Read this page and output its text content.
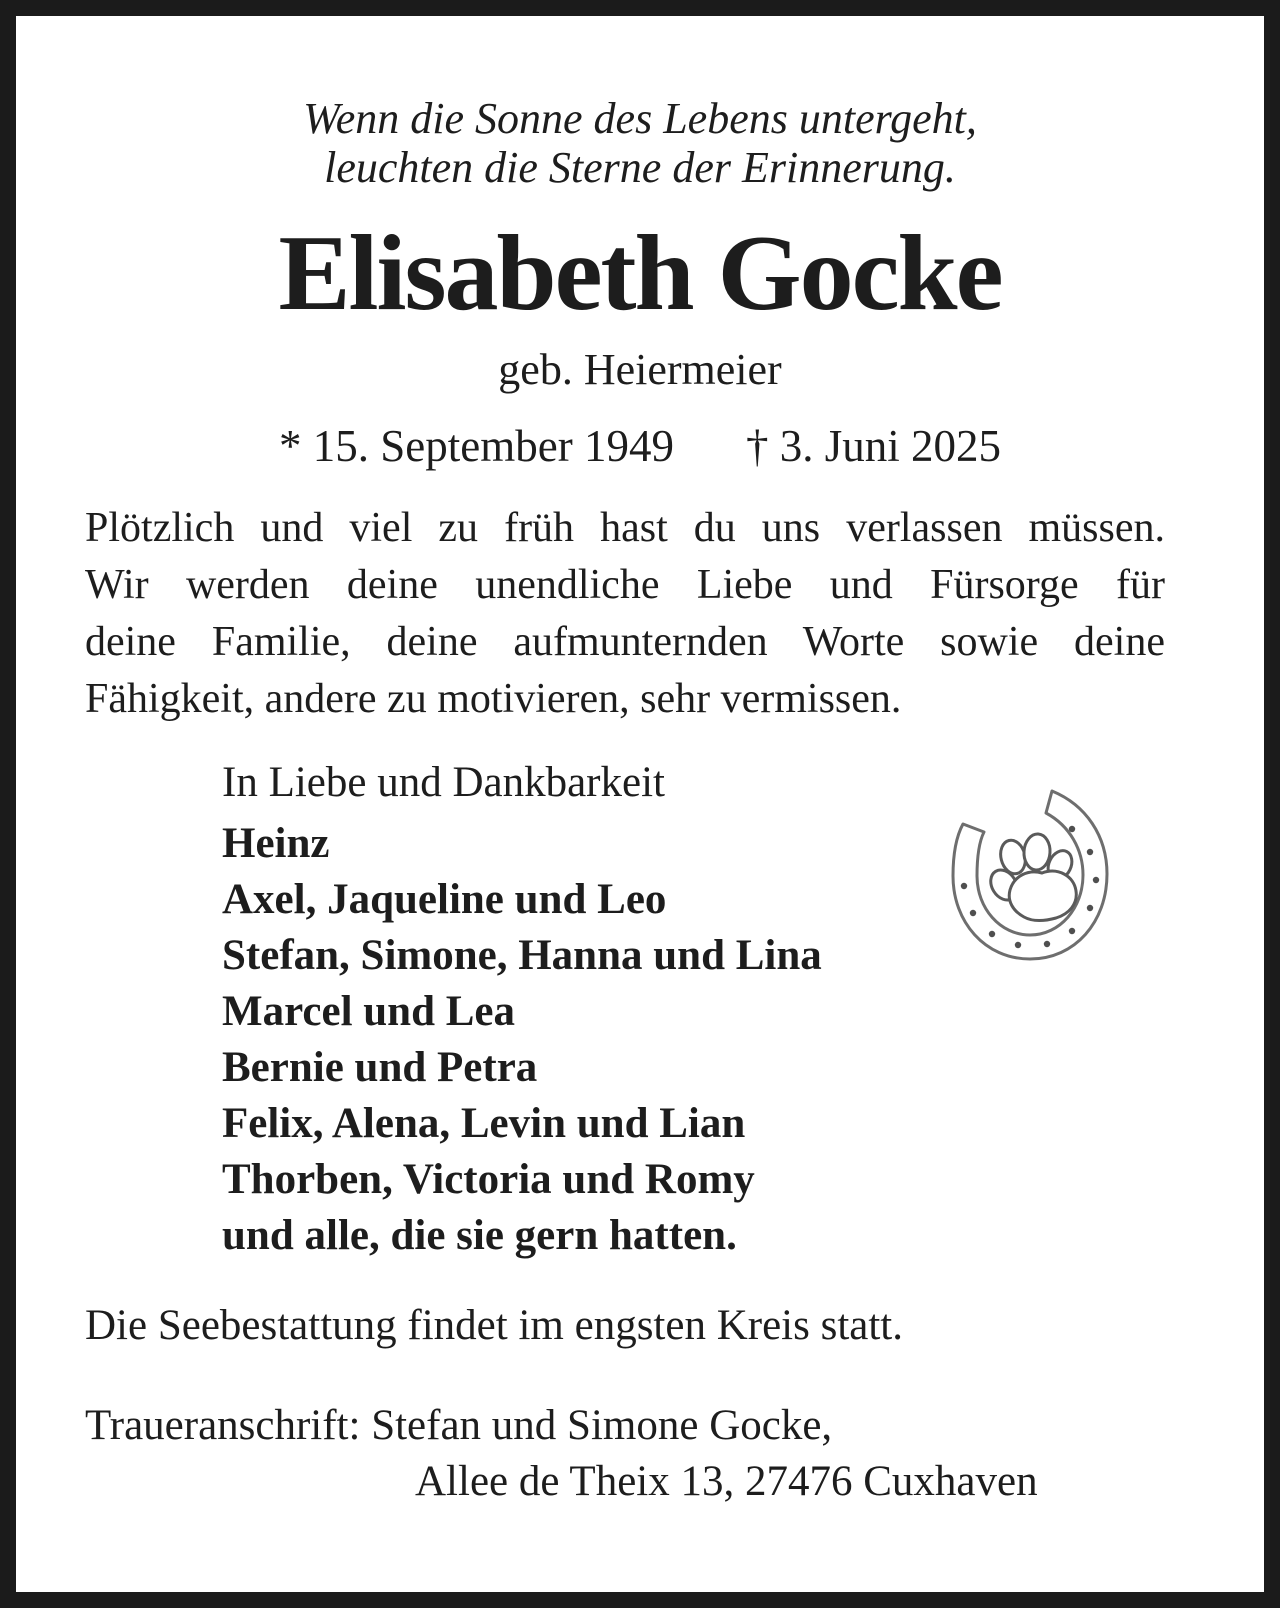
Wenn die Sonne des Lebens untergeht,
leuchten die Sterne der Erinnerung.
Elisabeth Gocke
geb. Heiermeier
* 15. September 1949 † 3. Juni 2025
Plötzlich und viel zu früh hast du uns verlassen müssen.
Wir werden deine unendliche Liebe und Fürsorge für
deine Familie, deine aufmunternden Worte sowie deine
Fähigkeit, andere zu motivieren, sehr vermissen.
In Liebe und Dankbarkeit
Heinz
Axel, Jaqueline und Leo
Stefan, Simone, Hanna und Lina
Marcel und Lea
Bernie und Petra
Felix, Alena, Levin und Lian
Thorben, Victoria und Romy
und alle, die sie gern hatten.
Die Seebestattung findet im engsten Kreis statt.
Traueranschrift: Stefan und Simone Gocke,
Allee de Theix 13, 27476 Cuxhaven
